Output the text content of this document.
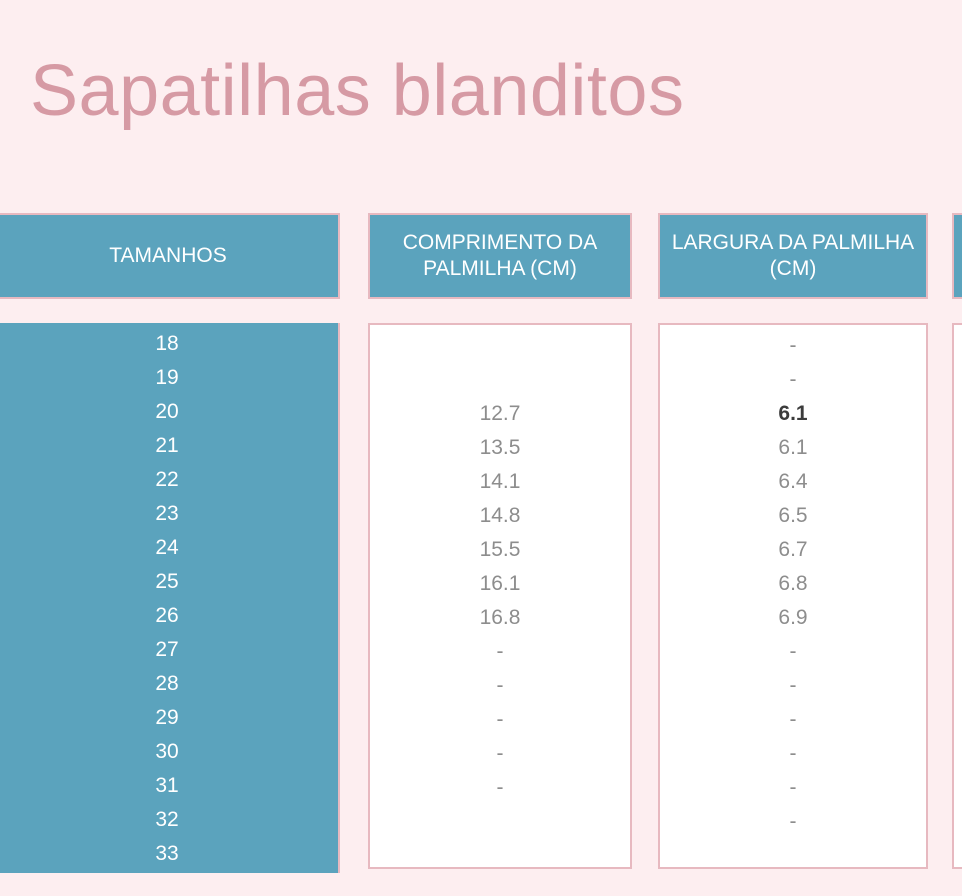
Sapatilhas blanditos
TAMANHOS
COMPRIMENTO DA PALMILHA (CM)
LARGURA DA PALMILHA (CM)
18
19
20
21
22
23
24
25
26
27
28
29
30
31
32
33
12.7
13.5
14.1
14.8
15.5
16.1
16.8
-
-
-
-
-
-
-
6.1
6.1
6.4
6.5
6.7
6.8
6.9
-
-
-
-
-
-
